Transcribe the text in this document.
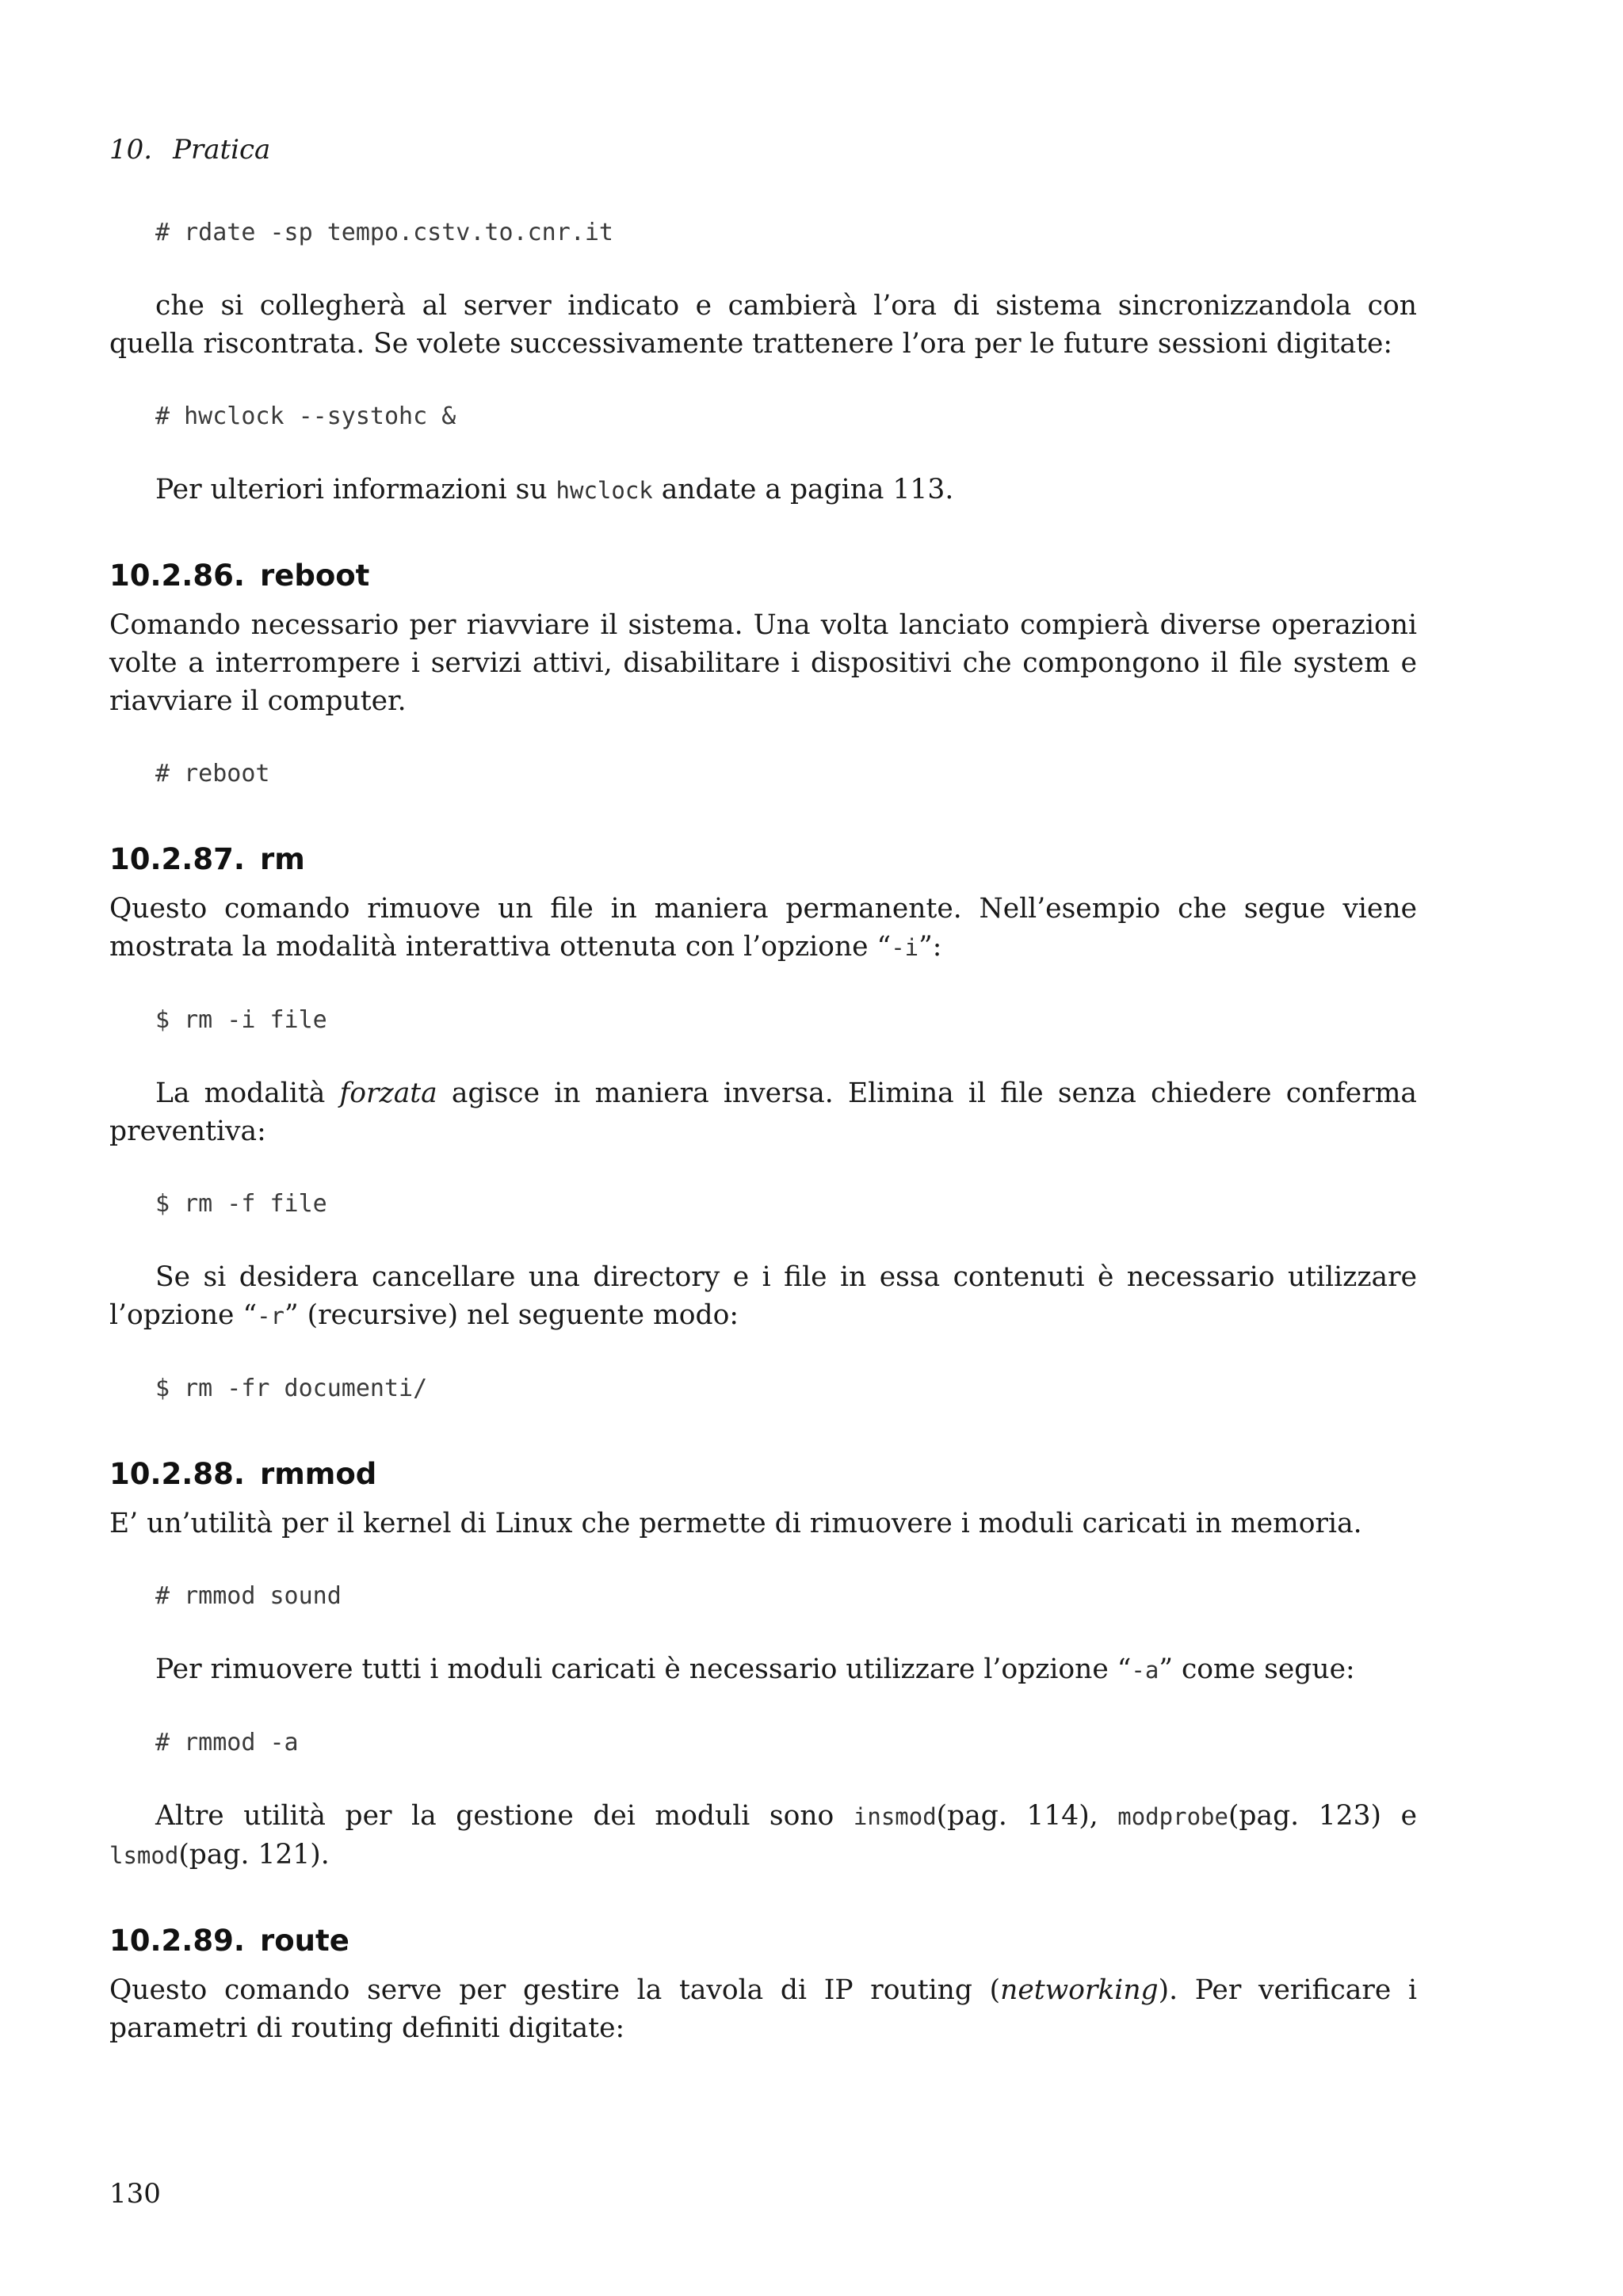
10. Pratica
# rdate -sp tempo.cstv.to.cnr.it

che si collegherà al server indicato e cambierà l’ora di sistema sincronizzandola con quella riscontrata. Se volete successivamente trattenere l’ora per le future sessioni digitate:

# hwclock --systohc &

Per ulteriori informazioni su hwclock andate a pagina 113.

10.2.86. reboot

Comando necessario per riavviare il sistema. Una volta lanciato compierà diverse operazioni volte a interrompere i servizi attivi, disabilitare i dispositivi che compongono il file system e riavviare il computer.

# reboot
10.2.87. rm

Questo comando rimuove un file in maniera permanente. Nell’esempio che segue viene mostrata la modalità interattiva ottenuta con l’opzione “-i”:

$ rm -i file

La modalità forzata agisce in maniera inversa. Elimina il file senza chiedere conferma preventiva:

$ rm -f file

Se si desidera cancellare una directory e i file in essa contenuti è necessario utilizzare l’opzione “-r” (recursive) nel seguente modo:

$ rm -fr documenti/
10.2.88. rmmod

E’ un’utilità per il kernel di Linux che permette di rimuovere i moduli caricati in memoria.

# rmmod sound

Per rimuovere tutti i moduli caricati è necessario utilizzare l’opzione “-a” come segue:

# rmmod -a

Altre utilità per la gestione dei moduli sono insmod(pag. 114), modprobe(pag. 123) e lsmod(pag. 121).

10.2.89. route

Questo comando serve per gestire la tavola di IP routing (networking). Per verificare i parametri di routing definiti digitate:

130
